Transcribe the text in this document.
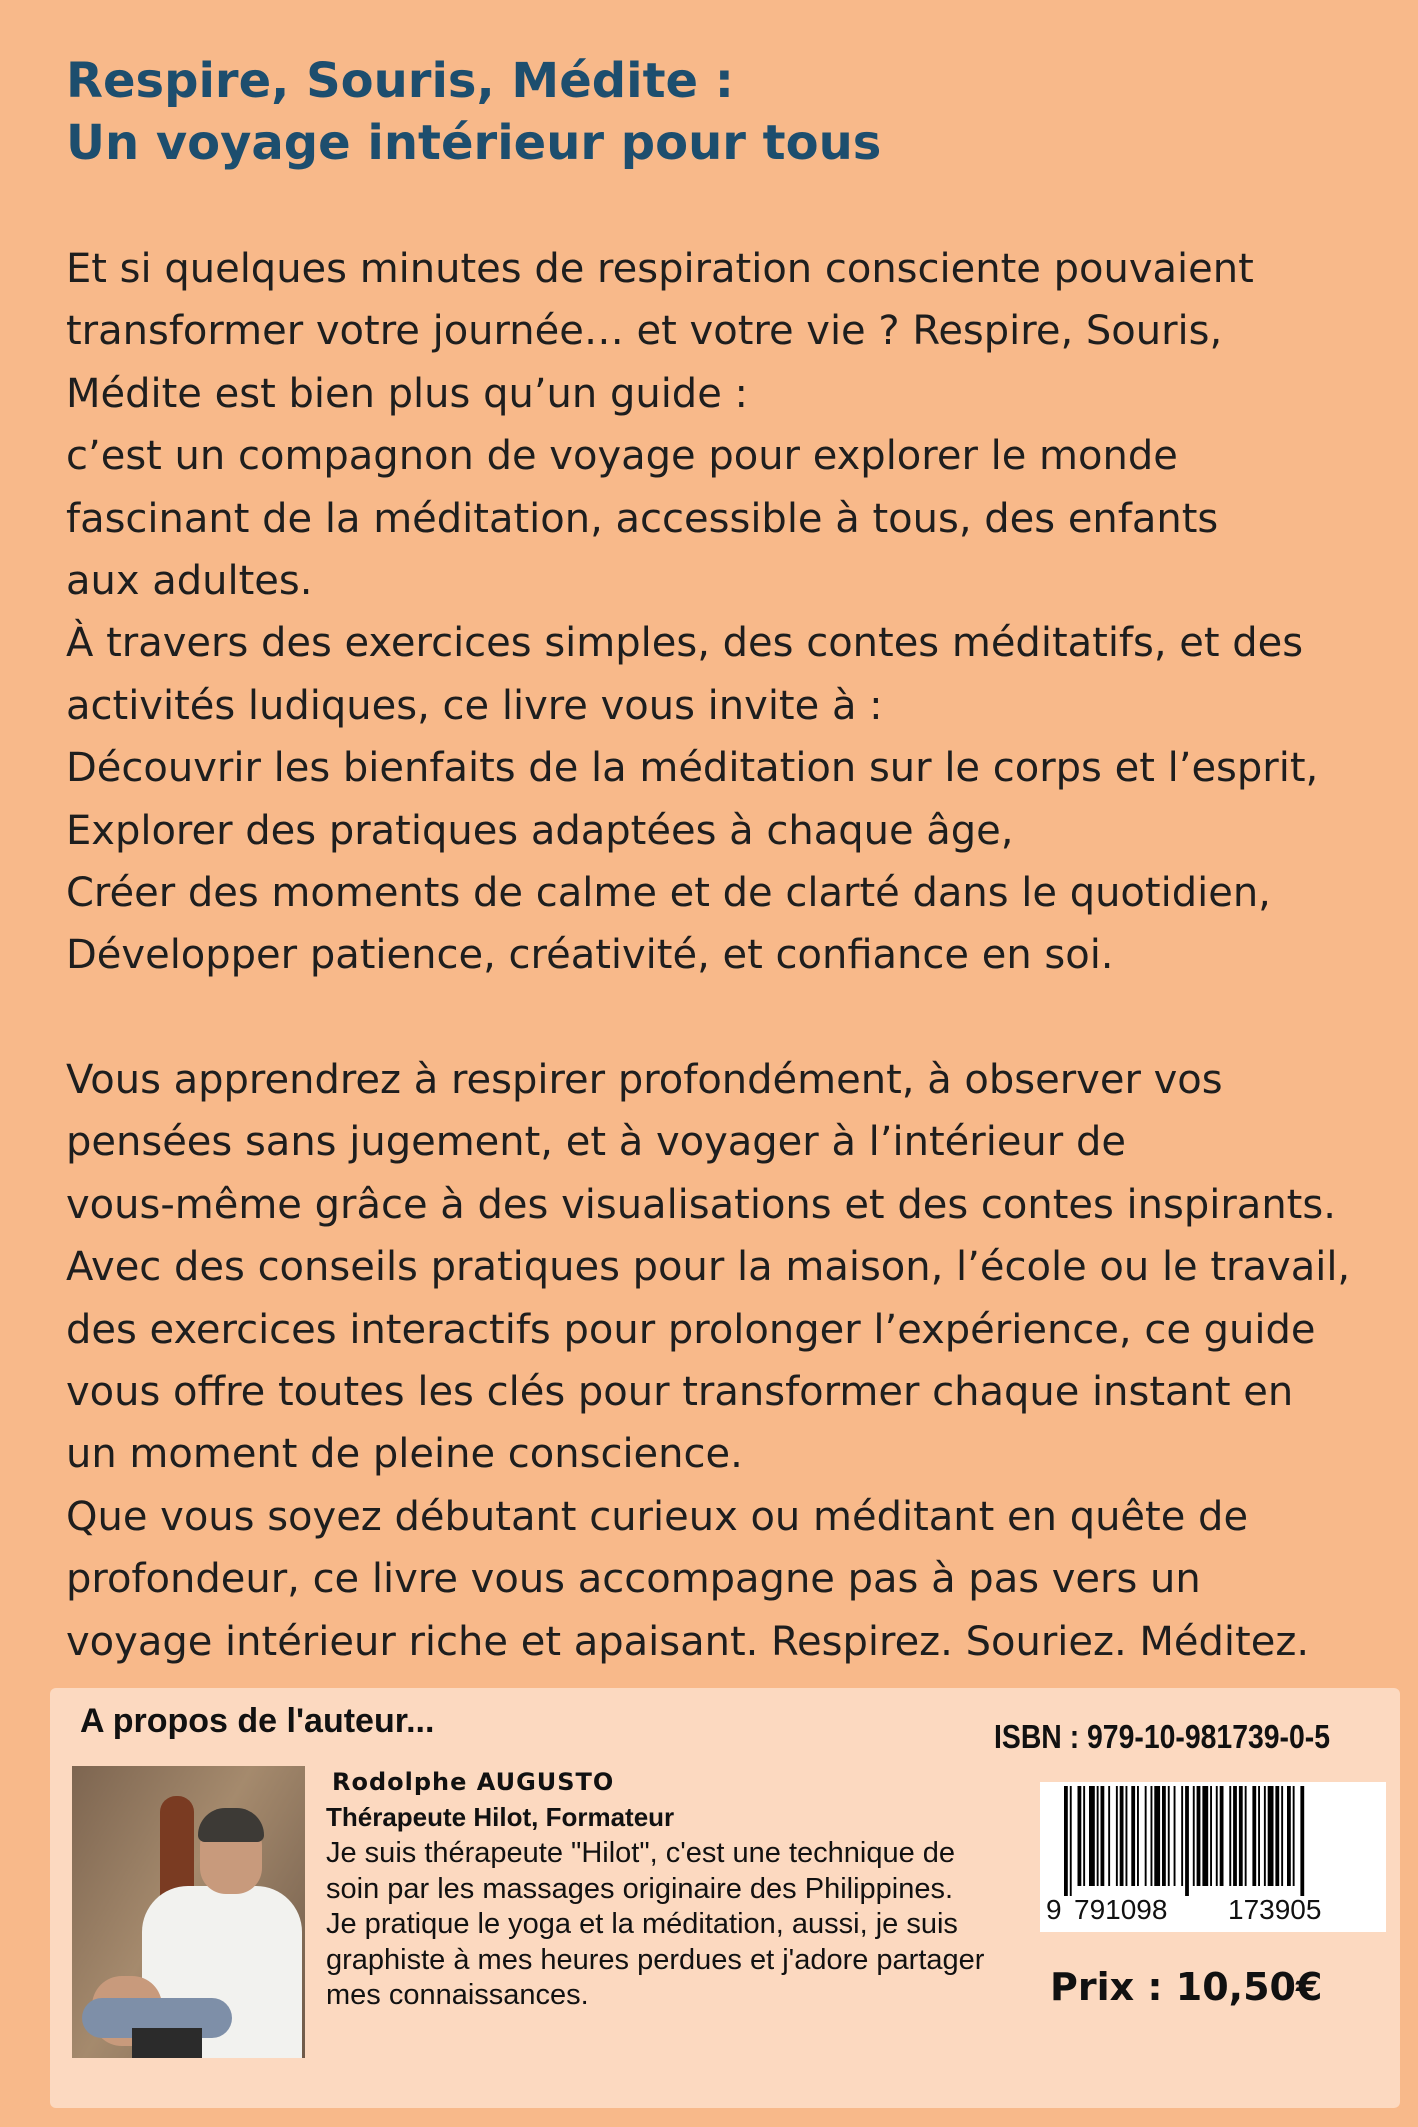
Respire, Souris, Médite :
Un voyage intérieur pour tous
Et si quelques minutes de respiration consciente pouvaient
transformer votre journée… et votre vie ? Respire, Souris,
Médite est bien plus qu’un guide :
c’est un compagnon de voyage pour explorer le monde
fascinant de la méditation, accessible à tous, des enfants
aux adultes.
À travers des exercices simples, des contes méditatifs, et des
activités ludiques, ce livre vous invite à :
Découvrir les bienfaits de la méditation sur le corps et l’esprit,
Explorer des pratiques adaptées à chaque âge,
Créer des moments de calme et de clarté dans le quotidien,
Développer patience, créativité, et confiance en soi.
Vous apprendrez à respirer profondément, à observer vos
pensées sans jugement, et à voyager à l’intérieur de
vous-même grâce à des visualisations et des contes inspirants.
Avec des conseils pratiques pour la maison, l’école ou le travail,
des exercices interactifs pour prolonger l’expérience, ce guide
vous offre toutes les clés pour transformer chaque instant en
un moment de pleine conscience.
Que vous soyez débutant curieux ou méditant en quête de
profondeur, ce livre vous accompagne pas à pas vers un
voyage intérieur riche et apaisant. Respirez. Souriez. Méditez.
A propos de l'auteur...
Rodolphe AUGUSTO
Thérapeute Hilot, Formateur
Je suis thérapeute "Hilot", c'est une technique de
soin par les massages originaire des Philippines.
Je pratique le yoga et la méditation, aussi, je suis
graphiste à mes heures perdues et j'adore partager
mes connaissances.
ISBN : 979-10-981739-0-5
9 791098 173905
Prix : 10,50€
